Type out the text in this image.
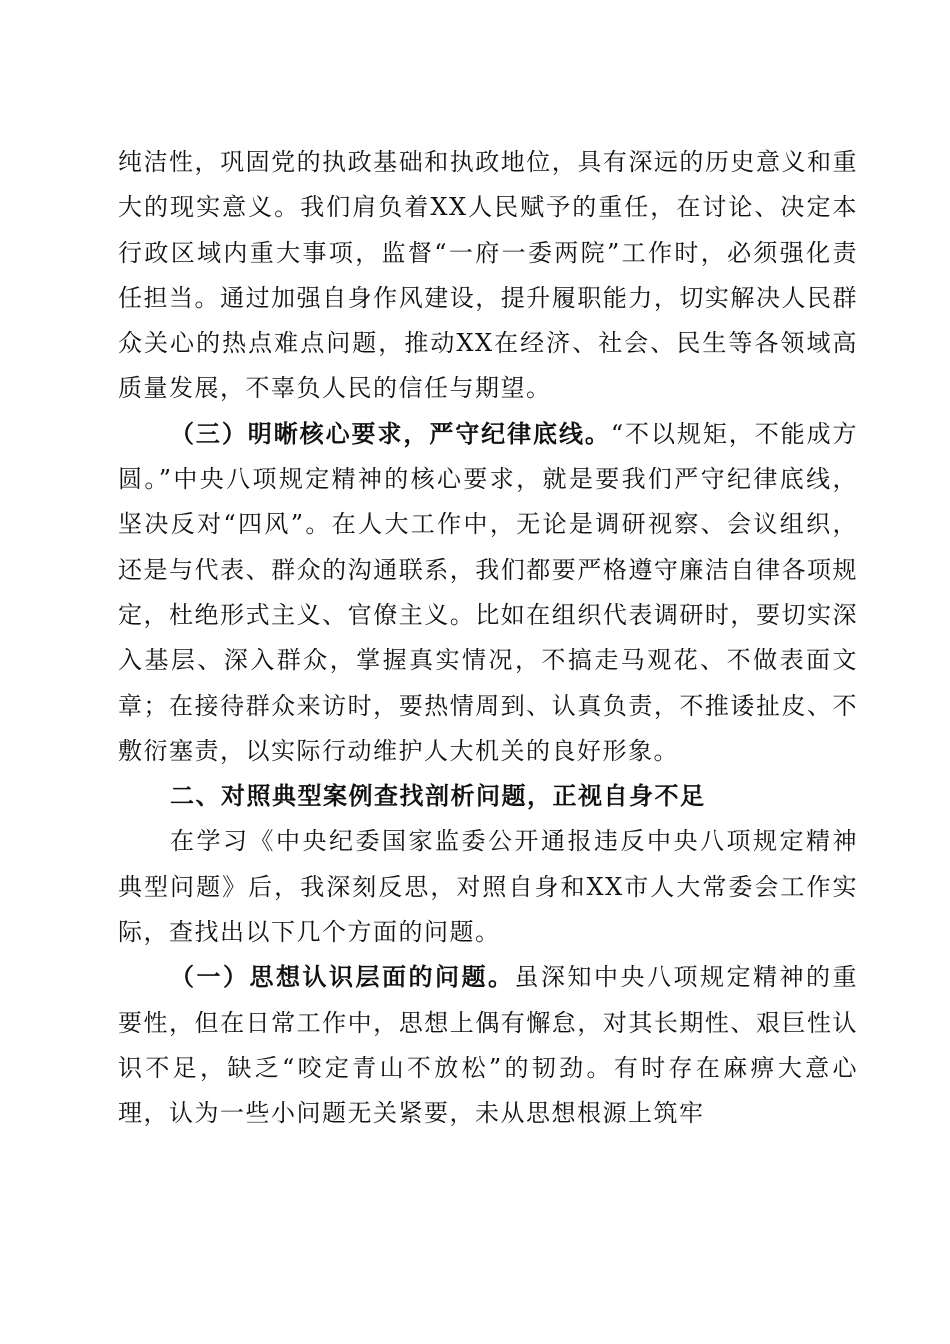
纯洁性，巩固党的执政基础和执政地位，具有深远的历史意义和重大的现实意义。我们肩负着XX人民赋予的重任，在讨论、决定本行政区域内重大事项，监督“一府一委两院”工作时，必须强化责任担当。通过加强自身作风建设，提升履职能力，切实解决人民群众关心的热点难点问题，推动XX在经济、社会、民生等各领域高质量发展，不辜负人民的信任与期望。

（三）明晰核心要求，严守纪律底线。“不以规矩，不能成方圆。”中央八项规定精神的核心要求，就是要我们严守纪律底线，坚决反对“四风”。在人大工作中，无论是调研视察、会议组织，还是与代表、群众的沟通联系，我们都要严格遵守廉洁自律各项规定，杜绝形式主义、官僚主义。比如在组织代表调研时，要切实深入基层、深入群众，掌握真实情况，不搞走马观花、不做表面文章；在接待群众来访时，要热情周到、认真负责，不推诿扯皮、不敷衍塞责，以实际行动维护人大机关的良好形象。

二、对照典型案例查找剖析问题，正视自身不足

在学习《中央纪委国家监委公开通报违反中央八项规定精神典型问题》后，我深刻反思，对照自身和XX市人大常委会工作实际，查找出以下几个方面的问题。

（一）思想认识层面的问题。虽深知中央八项规定精神的重要性，但在日常工作中，思想上偶有懈怠，对其长期性、艰巨性认识不足，缺乏“咬定青山不放松”的韧劲。有时存在麻痹大意心理，认为一些小问题无关紧要，未从思想根源上筑牢
